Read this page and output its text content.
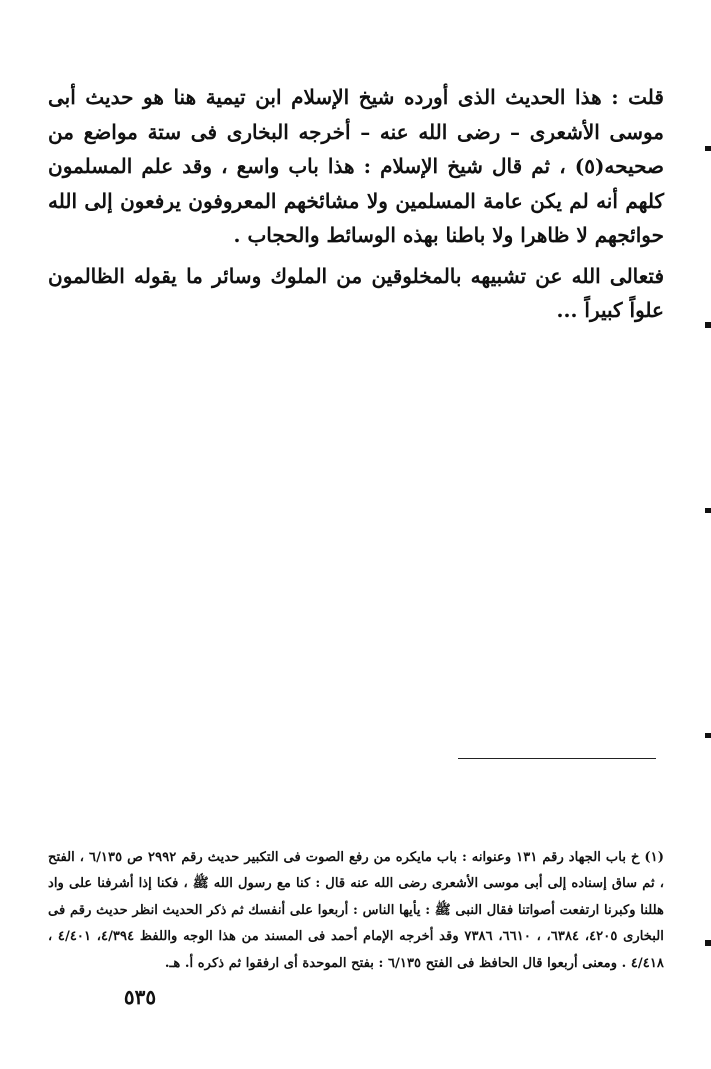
قلت : هذا الحديث الذى أورده شيخ الإسلام ابن تيمية هنا هو حديث أبى موسى الأشعرى – رضى الله عنه – أخرجه البخارى فى ستة مواضع من صحيحه(٥) ، ثم قال شيخ الإسلام : هذا باب واسع ، وقد علم المسلمون كلهم أنه لم يكن عامة المسلمين ولا مشائخهم المعروفون يرفعون إلى الله حوائجهم لا ظاهرا ولا باطنا بهذه الوسائط والحجاب .

فتعالى الله عن تشبيهه بالمخلوقين من الملوك وسائر ما يقوله الظالمون علواً كبيراً ...

(١) خ باب الجهاد رقم ١٣١ وعنوانه : باب مايكره من رفع الصوت فى التكبير حديث رقم ٢٩٩٢ ص ٦/١٣٥ ، الفتح ، ثم ساق إسناده إلى أبى موسى الأشعرى رضى الله عنه قال : كنا مع رسول الله ﷺ ، فكنا إذا أشرفنا على واد هللنا وكبرنا ارتفعت أصواتنا فقال النبى ﷺ : يأيها الناس : أربعوا على أنفسك ثم ذكر الحديث انظر حديث رقم فى البخارى ٤٢٠٥، ٦٣٨٤، ، ٦٦١٠، ٧٣٨٦ وقد أخرجه الإمام أحمد فى المسند من هذا الوجه واللفظ ٤/٣٩٤، ٤/٤٠١ ، ٤/٤١٨ . ومعنى أربعوا قال الحافظ فى الفتح ٦/١٣٥ : بفتح الموحدة أى ارفقوا ثم ذكره أ. هـ.

٥٣٥
